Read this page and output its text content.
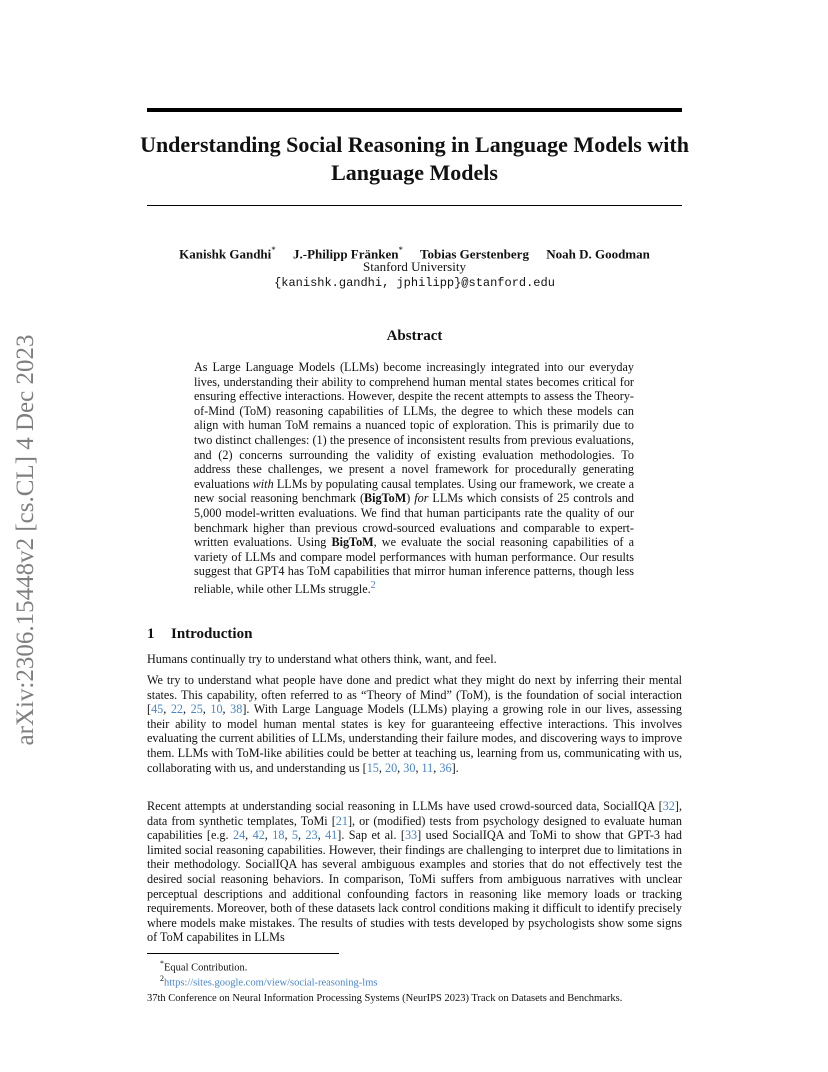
arXiv:2306.15448v2 [cs.CL] 4 Dec 2023
Understanding Social Reasoning in Language Models with Language Models
Kanishk Gandhi* J.-Philipp Fränken* Tobias Gerstenberg Noah D. Goodman
Stanford University
{kanishk.gandhi, jphilipp}@stanford.edu
Abstract

As Large Language Models (LLMs) become increasingly integrated into our everyday lives, understanding their ability to comprehend human mental states becomes critical for ensuring effective interactions. However, despite the recent attempts to assess the Theory-of-Mind (ToM) reasoning capabilities of LLMs, the degree to which these models can align with human ToM remains a nuanced topic of exploration. This is primarily due to two distinct challenges: (1) the presence of inconsistent results from previous evaluations, and (2) concerns surrounding the validity of existing evaluation methodologies. To address these challenges, we present a novel framework for procedurally generating evaluations with LLMs by populating causal templates. Using our framework, we create a new social reasoning benchmark (BigToM) for LLMs which consists of 25 controls and 5,000 model-written evaluations. We find that human participants rate the quality of our benchmark higher than previous crowd-sourced evaluations and comparable to expert-written evaluations. Using BigToM, we evaluate the social reasoning capabilities of a variety of LLMs and compare model performances with human performance. Our results suggest that GPT4 has ToM capabilities that mirror human inference patterns, though less reliable, while other LLMs struggle.$^2$

1 Introduction

Humans continually try to understand what others think, want, and feel.

We try to understand what people have done and predict what they might do next by inferring their mental states. This capability, often referred to as “Theory of Mind” (ToM), is the foundation of social interaction [45, 22, 25, 10, 38]. With Large Language Models (LLMs) playing a growing role in our lives, assessing their ability to model human mental states is key for guaranteeing effective interactions. This involves evaluating the current abilities of LLMs, understanding their failure modes, and discovering ways to improve them. LLMs with ToM-like abilities could be better at teaching us, learning from us, communicating with us, collaborating with us, and understanding us [15, 20, 30, 11, 36].

Recent attempts at understanding social reasoning in LLMs have used crowd-sourced data, SocialIQA [32], data from synthetic templates, ToMi [21], or (modified) tests from psychology designed to evaluate human capabilities [e.g. 24, 42, 18, 5, 23, 41]. Sap et al. [33] used SocialIQA and ToMi to show that GPT-3 had limited social reasoning capabilities. However, their findings are challenging to interpret due to limitations in their methodology. SocialIQA has several ambiguous examples and stories that do not effectively test the desired social reasoning behaviors. In comparison, ToMi suffers from ambiguous narratives with unclear perceptual descriptions and additional confounding factors in reasoning like memory loads or tracking requirements. Moreover, both of these datasets lack control conditions making it difficult to identify precisely where models make mistakes. The results of studies with tests developed by psychologists show some signs of ToM capabilites in LLMs

*Equal Contribution.
$^2$https://sites.google.com/view/social-reasoning-lms
37th Conference on Neural Information Processing Systems (NeurIPS 2023) Track on Datasets and Benchmarks.
